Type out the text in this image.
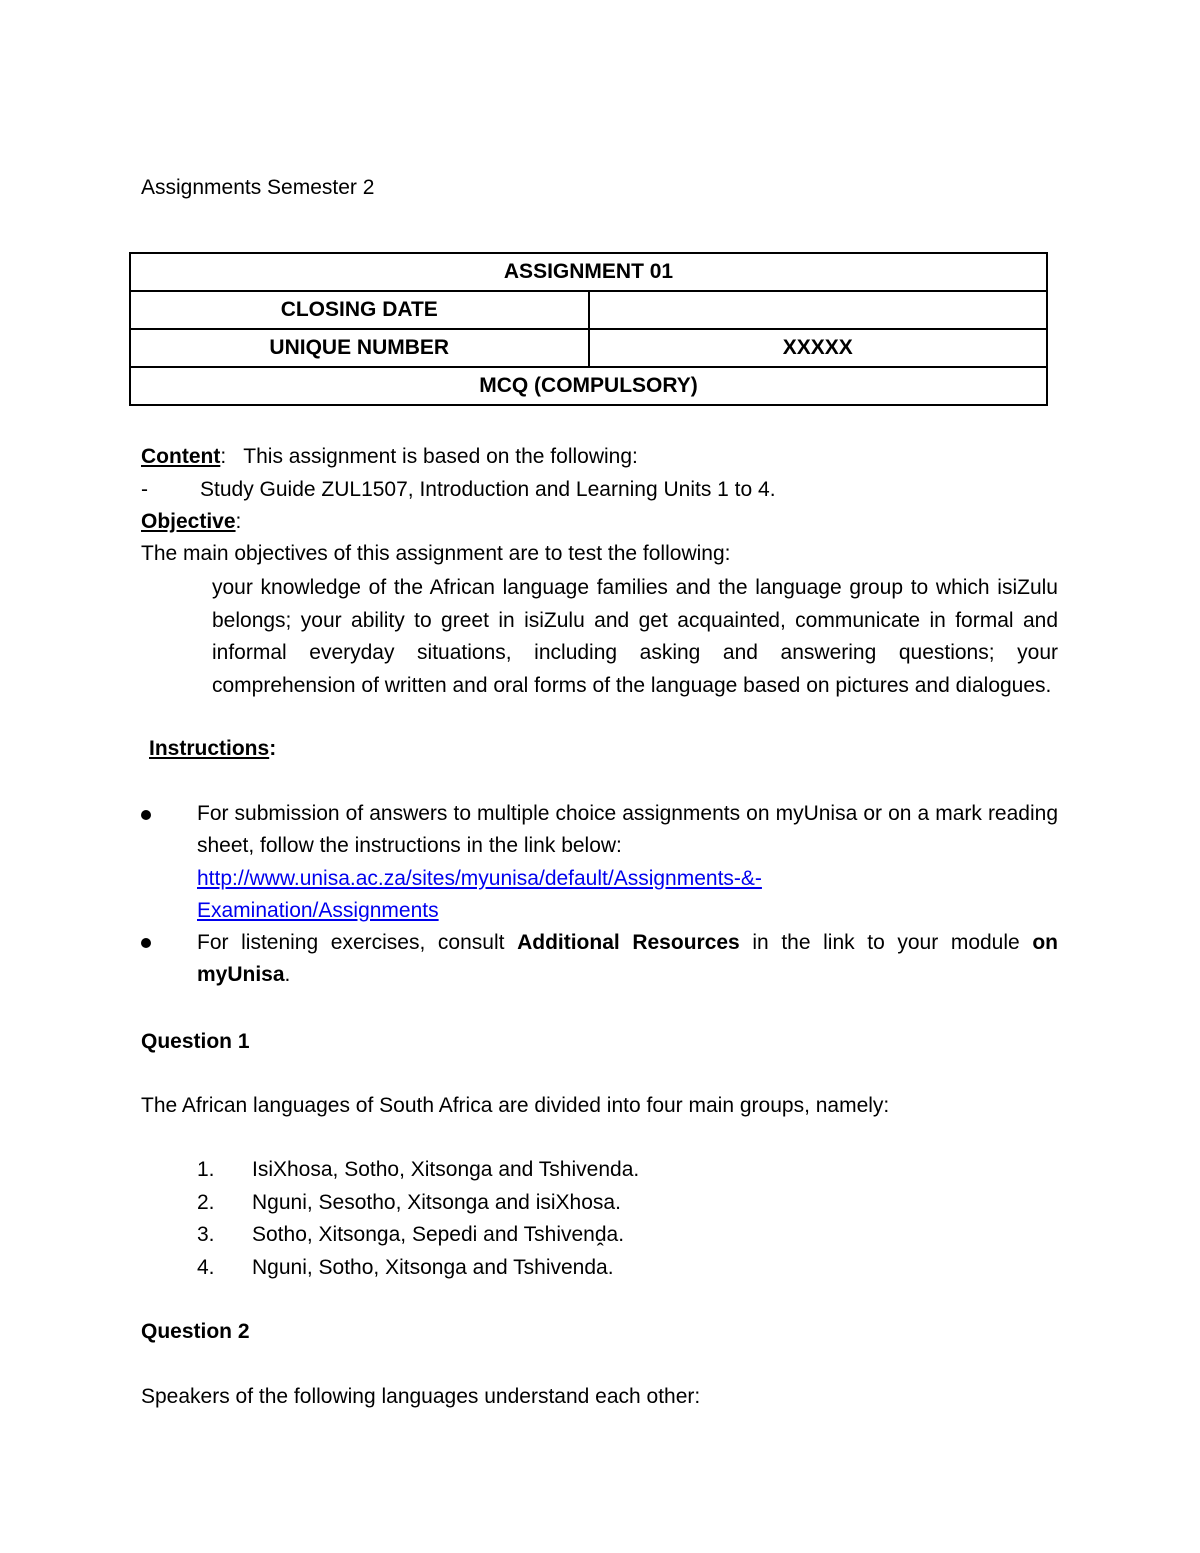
Assignments Semester 2
ASSIGNMENT 01	
CLOSING DATE	
UNIQUE NUMBER	XXXXX
MCQ (COMPULSORY)	
Content:   This assignment is based on the following:
- Study Guide ZUL1507, Introduction and Learning Units 1 to 4.
Objective:
The main objectives of this assignment are to test the following:
your knowledge of the African language families and the language group to which isiZulu belongs; your ability to greet in isiZulu and get acquainted, communicate in formal and informal everyday situations, including asking and answering questions; your comprehension of written and oral forms of the language based on pictures and dialogues.
Instructions:
For submission of answers to multiple choice assignments on myUnisa or on a mark reading sheet, follow the instructions in the link below:
http://www.unisa.ac.za/sites/myunisa/default/Assignments-&-
Examination/Assignments
For listening exercises, consult Additional Resources in the link to your module on myUnisa.
Question 1
The African languages of South Africa are divided into four main groups, namely:
1. IsiXhosa, Sotho, Xitsonga and Tshivenda.
2. Nguni, Sesotho, Xitsonga and isiXhosa.
3. Sotho, Xitsonga, Sepedi and Tshivenḓa.
4. Nguni, Sotho, Xitsonga and Tshivenda.
Question 2
Speakers of the following languages understand each other:
